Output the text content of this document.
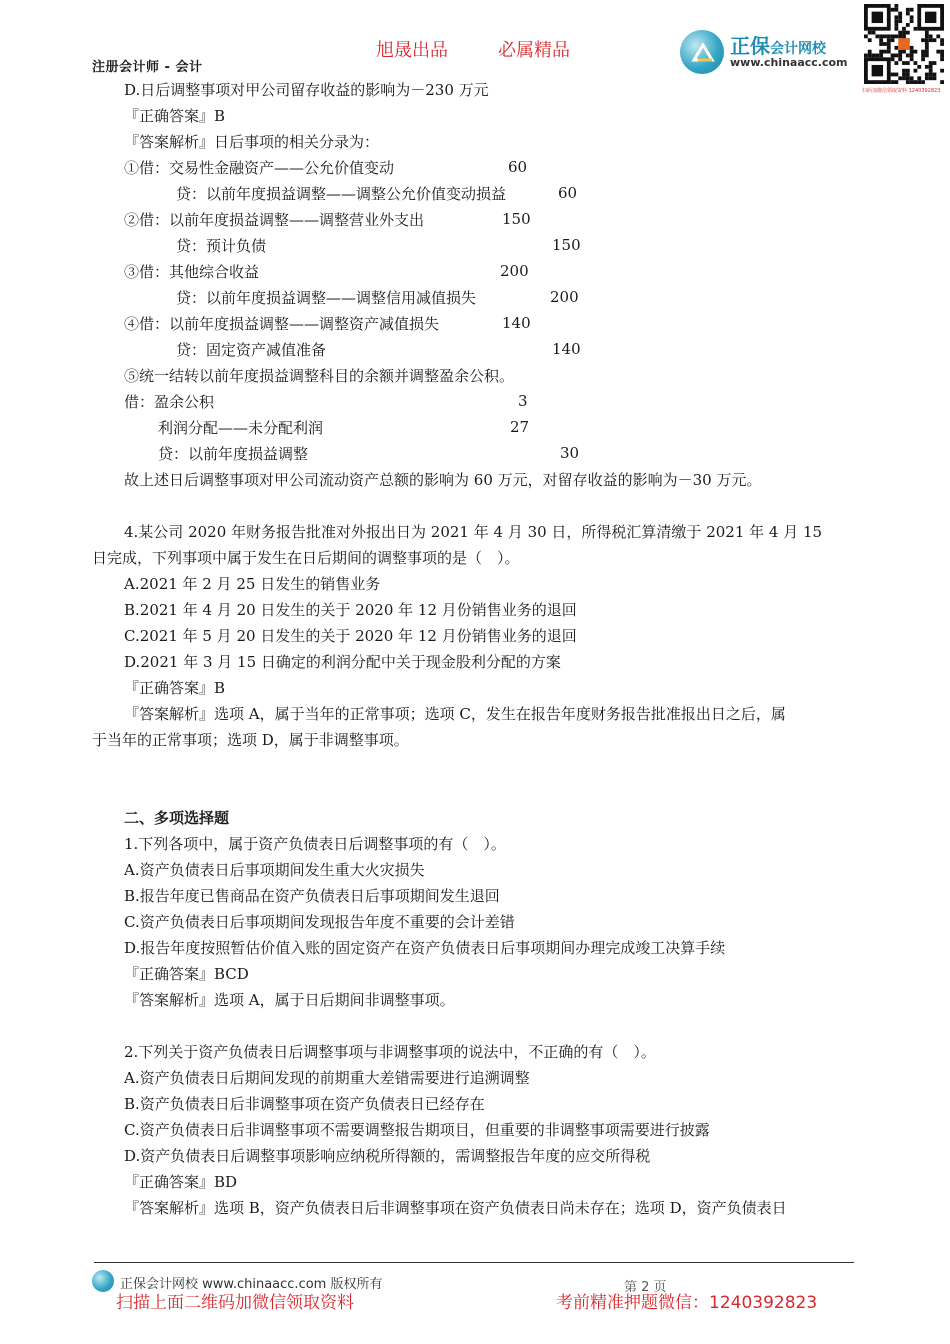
旭晟出品	必属精品
注册会计师 - 会计
正保会计网校
www.chinaacc.com
扫码加微信领取资料 1240392823
D.日后调整事项对甲公司留存收益的影响为－230 万元
『正确答案』B
『答案解析』日后事项的相关分录为：
①借：交易性金融资产——公允价值变动	60
贷：以前年度损益调整——调整公允价值变动损益	60
②借：以前年度损益调整——调整营业外支出	150
贷：预计负债	150
③借：其他综合收益	200
贷：以前年度损益调整——调整信用减值损失	200
④借：以前年度损益调整——调整资产减值损失	140
贷：固定资产减值准备	140
⑤统一结转以前年度损益调整科目的余额并调整盈余公积。
借：盈余公积	3
利润分配——未分配利润	27
贷：以前年度损益调整	30
故上述日后调整事项对甲公司流动资产总额的影响为 60 万元，对留存收益的影响为－30 万元。
4.某公司 2020 年财务报告批准对外报出日为 2021 年 4 月 30 日，所得税汇算清缴于 2021 年 4 月 15
日完成，下列事项中属于发生在日后期间的调整事项的是（　）。
A.2021 年 2 月 25 日发生的销售业务
B.2021 年 4 月 20 日发生的关于 2020 年 12 月份销售业务的退回
C.2021 年 5 月 20 日发生的关于 2020 年 12 月份销售业务的退回
D.2021 年 3 月 15 日确定的利润分配中关于现金股利分配的方案
『正确答案』B
『答案解析』选项 A，属于当年的正常事项；选项 C，发生在报告年度财务报告批准报出日之后，属
于当年的正常事项；选项 D，属于非调整事项。
二、多项选择题
1.下列各项中，属于资产负债表日后调整事项的有（　）。
A.资产负债表日后事项期间发生重大火灾损失
B.报告年度已售商品在资产负债表日后事项期间发生退回
C.资产负债表日后事项期间发现报告年度不重要的会计差错
D.报告年度按照暂估价值入账的固定资产在资产负债表日后事项期间办理完成竣工决算手续
『正确答案』BCD
『答案解析』选项 A，属于日后期间非调整事项。
2.下列关于资产负债表日后调整事项与非调整事项的说法中，不正确的有（　）。
A.资产负债表日后期间发现的前期重大差错需要进行追溯调整
B.资产负债表日后非调整事项在资产负债表日已经存在
C.资产负债表日后非调整事项不需要调整报告期项目，但重要的非调整事项需要进行披露
D.资产负债表日后调整事项影响应纳税所得额的，需调整报告年度的应交所得税
『正确答案』BD
『答案解析』选项 B，资产负债表日后非调整事项在资产负债表日尚未存在；选项 D，资产负债表日
正保会计网校 www.chinaacc.com 版权所有	第 2 页
扫描上面二维码加微信领取资料	考前精准押题微信：1240392823
